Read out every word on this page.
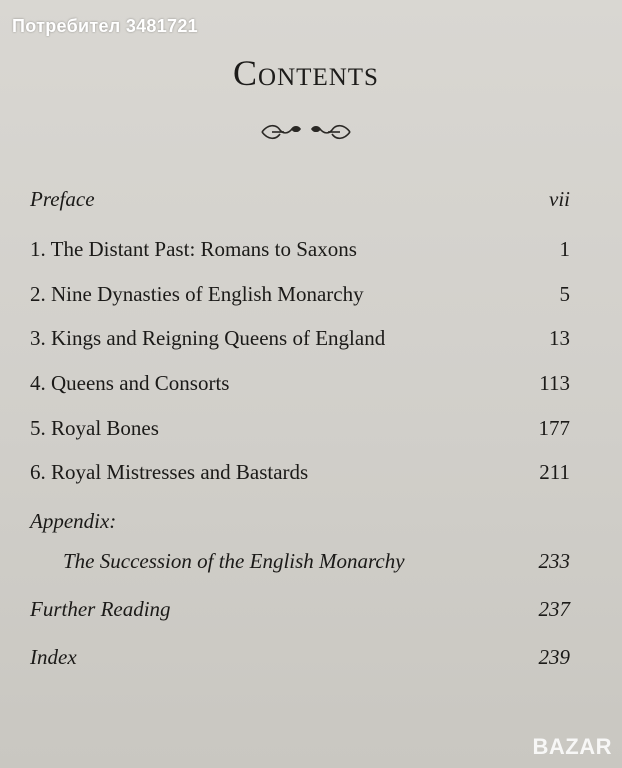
Потребител 3481721
Contents
Preface	vii
1. The Distant Past: Romans to Saxons	1
2. Nine Dynasties of English Monarchy	5
3. Kings and Reigning Queens of England	13
4. Queens and Consorts	113
5. Royal Bones	177
6. Royal Mistresses and Bastards	211
Appendix:
The Succession of the English Monarchy	233
Further Reading	237
Index	239
BAZAR
